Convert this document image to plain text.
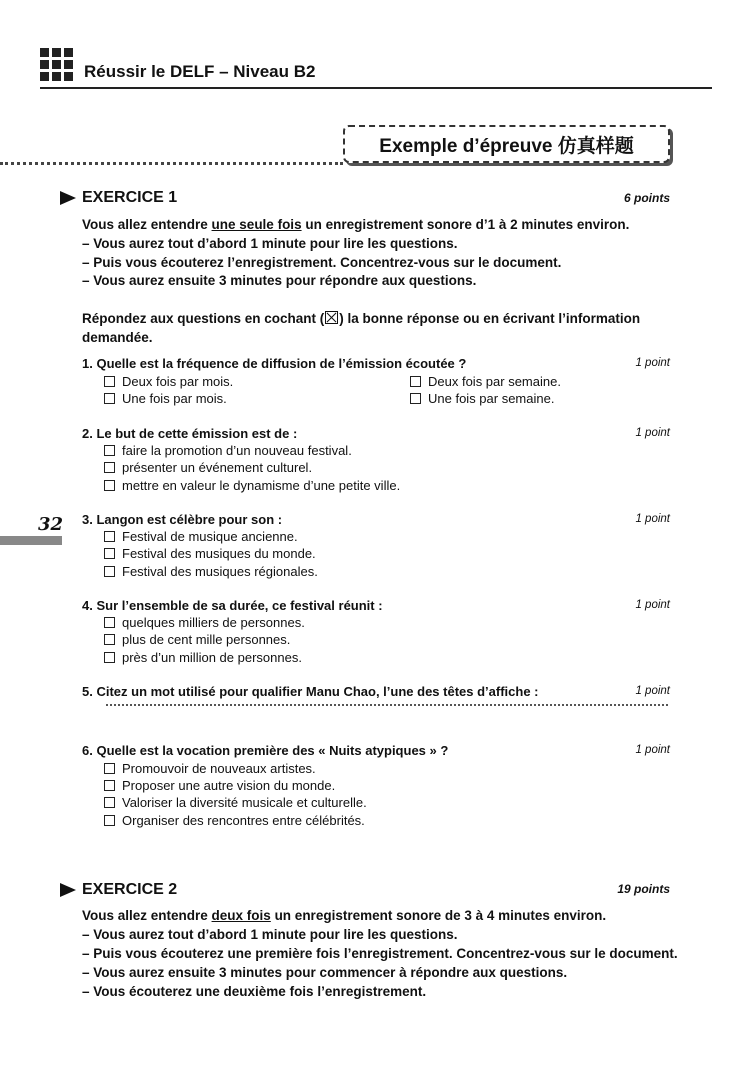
Réussir le DELF – Niveau B2
Exemple d’épreuve 仿真样题
32
EXERCICE 1	6 points
Vous allez entendre une seule fois un enregistrement sonore d’1 à 2 minutes environ.
– Vous aurez tout d’abord 1 minute pour lire les questions.
– Puis vous écouterez l’enregistrement. Concentrez-vous sur le document.
– Vous aurez ensuite 3 minutes pour répondre aux questions.
Répondez aux questions en cochant ( ) la bonne réponse ou en écrivant l’information
demandée.
1. Quelle est la fréquence de diffusion de l’émission écoutée ?	1 point
Deux fois par mois.
Une fois par mois.
Deux fois par semaine.
Une fois par semaine.
2. Le but de cette émission est de :	1 point
faire la promotion d’un nouveau festival.
présenter un événement culturel.
mettre en valeur le dynamisme d’une petite ville.
3. Langon est célèbre pour son :	1 point
Festival de musique ancienne.
Festival des musiques du monde.
Festival des musiques régionales.
4. Sur l’ensemble de sa durée, ce festival réunit :	1 point
quelques milliers de personnes.
plus de cent mille personnes.
près d’un million de personnes.
5. Citez un mot utilisé pour qualifier Manu Chao, l’une des têtes d’affiche :	1 point
6. Quelle est la vocation première des « Nuits atypiques » ?	1 point
Promouvoir de nouveaux artistes.
Proposer une autre vision du monde.
Valoriser la diversité musicale et culturelle.
Organiser des rencontres entre célébrités.
EXERCICE 2	19 points
Vous allez entendre deux fois un enregistrement sonore de 3 à 4 minutes environ.
– Vous aurez tout d’abord 1 minute pour lire les questions.
– Puis vous écouterez une première fois l’enregistrement. Concentrez-vous sur le document.
– Vous aurez ensuite 3 minutes pour commencer à répondre aux questions.
– Vous écouterez une deuxième fois l’enregistrement.
